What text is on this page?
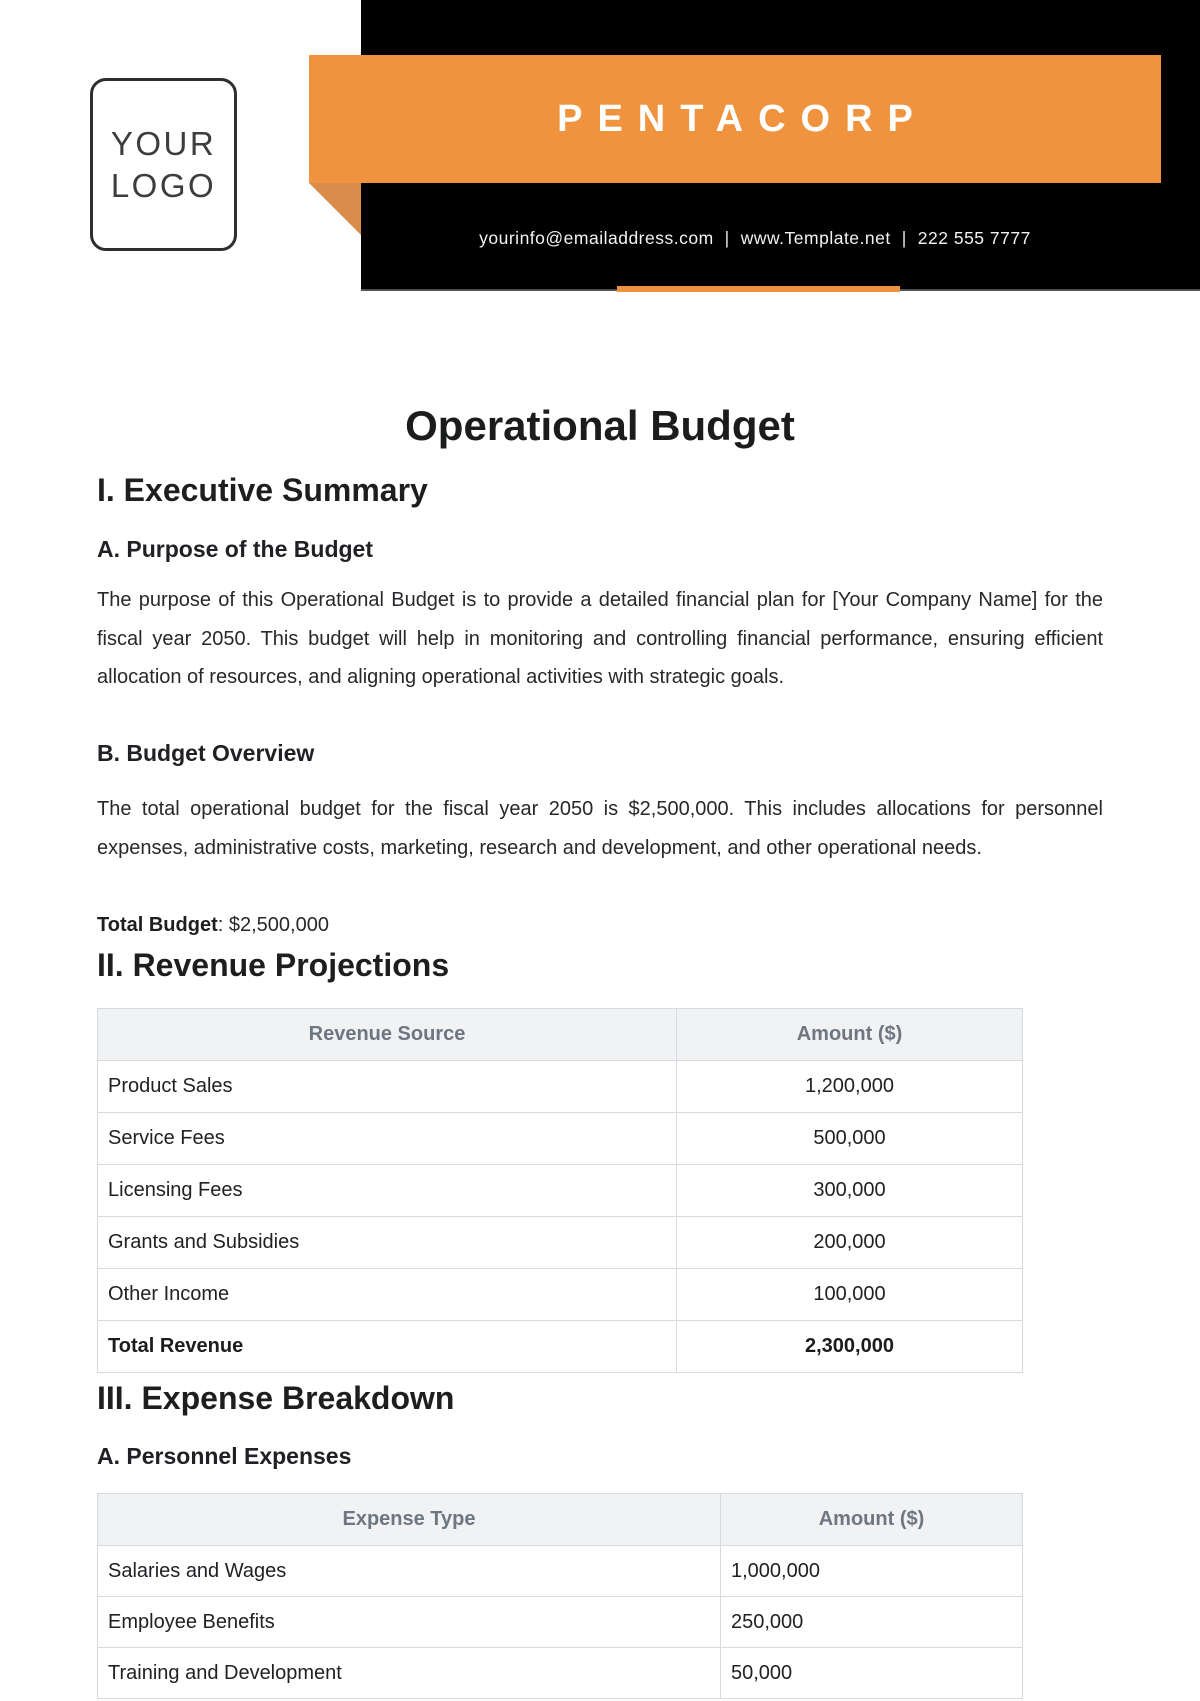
PENTACORP
yourinfo@emailaddress.com | www.Template.net | 222 555 7777
YOUR
LOGO
Operational Budget
I. Executive Summary
A. Purpose of the Budget
The purpose of this Operational Budget is to provide a detailed financial plan for [Your Company Name] for the fiscal year 2050. This budget will help in monitoring and controlling financial performance, ensuring efficient allocation of resources, and aligning operational activities with strategic goals.
B. Budget Overview
The total operational budget for the fiscal year 2050 is $2,500,000. This includes allocations for personnel expenses, administrative costs, marketing, research and development, and other operational needs.
Total Budget: $2,500,000
II. Revenue Projections
Revenue Source	Amount ($)
Product Sales	1,200,000
Service Fees	500,000
Licensing Fees	300,000
Grants and Subsidies	200,000
Other Income	100,000
Total Revenue	2,300,000
III. Expense Breakdown
A. Personnel Expenses
Expense Type	Amount ($)
Salaries and Wages	1,000,000
Employee Benefits	250,000
Training and Development	50,000
